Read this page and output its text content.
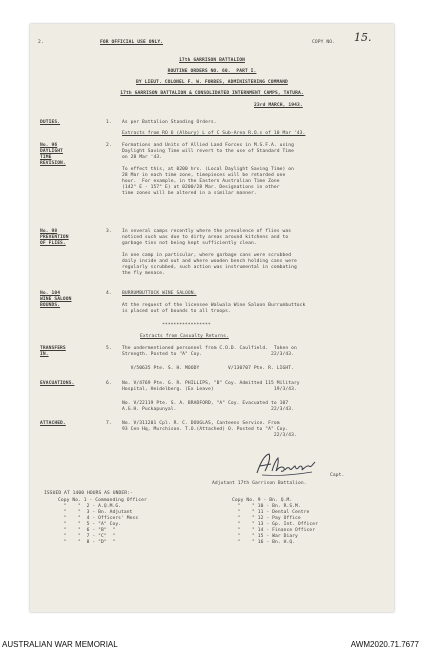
2.	FOR OFFICIAL USE ONLY.	COPY NO. 15.
17th GARRISON BATTALION
ROUTINE ORDERS NO. 60.  PART I.
BY LIEUT. COLONEL F. W. FORBES, ADMINISTERING COMMAND
17th GARRISON BATTALION & CONSOLIDATED INTERNMENT CAMPS, TATURA.
23rd MARCH, 1943.
DUTIES.	1. As per Battalion Standing Orders.
Extracts from RO 6 (Albury) L of C Sub-Area R.O.s of 10 Mar '43.
No. 96
DAYLIGHT
TIME
REVISION.
2. Formations and Units of Allied Land Forces in M.S.F.A. using
Daylight Saving Time will revert to the use of Standard Time
on 28 Mar '43.
To effect this, at 0200 hrs. (Local Daylight Saving Time) on
28 Mar in each time zone, timepieces will be retarded one
hour.  For example, in the Eastern Australian Time Zone
(142° E - 157° E) at 0200/28 Mar. Designations in other
time zones will be altered in a similar manner.
No. 98
PREVENTION
OF FLIES.
3. In several camps recently where the prevalence of flies was
noticed such was due to dirty areas around kitchens and to
garbage tins not being kept sufficiently clean.
In one camp in particular, where garbage cans were scrubbed
daily inside and out and where wooden bench holding cans were
regularly scrubbed, such action was instrumental in combating
the fly menace.
No. 104
WINE SALOON
BOUNDS.
4. BURRUMBUTTOCK WINE SALOON.
At the request of the licensee Walwala Wine Saloon Burrumbuttock
is placed out of bounds to all troops.
*****************
Extracts from Casualty Returns.
TRANSFERS
IN.
5. The undermentioned personnel from C.O.D. Caulfield.  Taken on
Strength. Posted to "A" Coy.                        22/3/43.
V/50635 Pte. S. H. MOODY          V/130707 Pte. R. LIGHT.
EVACUATIONS.	6. No. V/4769 Pte. G. R. PHILLIPS, "B" Coy. Admitted 115 Military
Hospital, Heidelberg. (Ex Leave)                     19/3/43.
No. V/22119 Pte. S. A. BRADFORD, "A" Coy. Evacuated to 107
A.G.H. Puckapunyal.                                 22/3/43.
ATTACHED.	7. No. V/311201 Cpl. R. C. DOUGLAS, Canteens Service. From
93 Cen Hq, Murchison. T.O.(Attached) O. Posted to "A" Coy.
22/3/43.
Capt.
Adjutant 17th Garrison Battalion.
ISSUED AT 1400 HOURS AS UNDER:-
Copy No. 1 - Commanding Officer
"    "  2 - A.Q.M.G.
"    "  3 - Bn. Adjutant
"    "  4 - Officers' Mess
"    "  5 - "A" Coy.
"    "  6 - "B"  "
"    "  7 - "C"  "
"    "  8 - "D"  "
Copy No. 9 - Bn. Q.M.
"    " 10 - Bn. R.S.M.
"    " 11 - Dental Centre
"    " 12 - Pay Office
"    " 13 - Gp. Int. Officer
"    " 14 - Finance Officer
"    " 15 - War Diary
"    " 16 - Bn. H.Q.
AUSTRALIAN WAR MEMORIAL	AWM2020.71.7677
